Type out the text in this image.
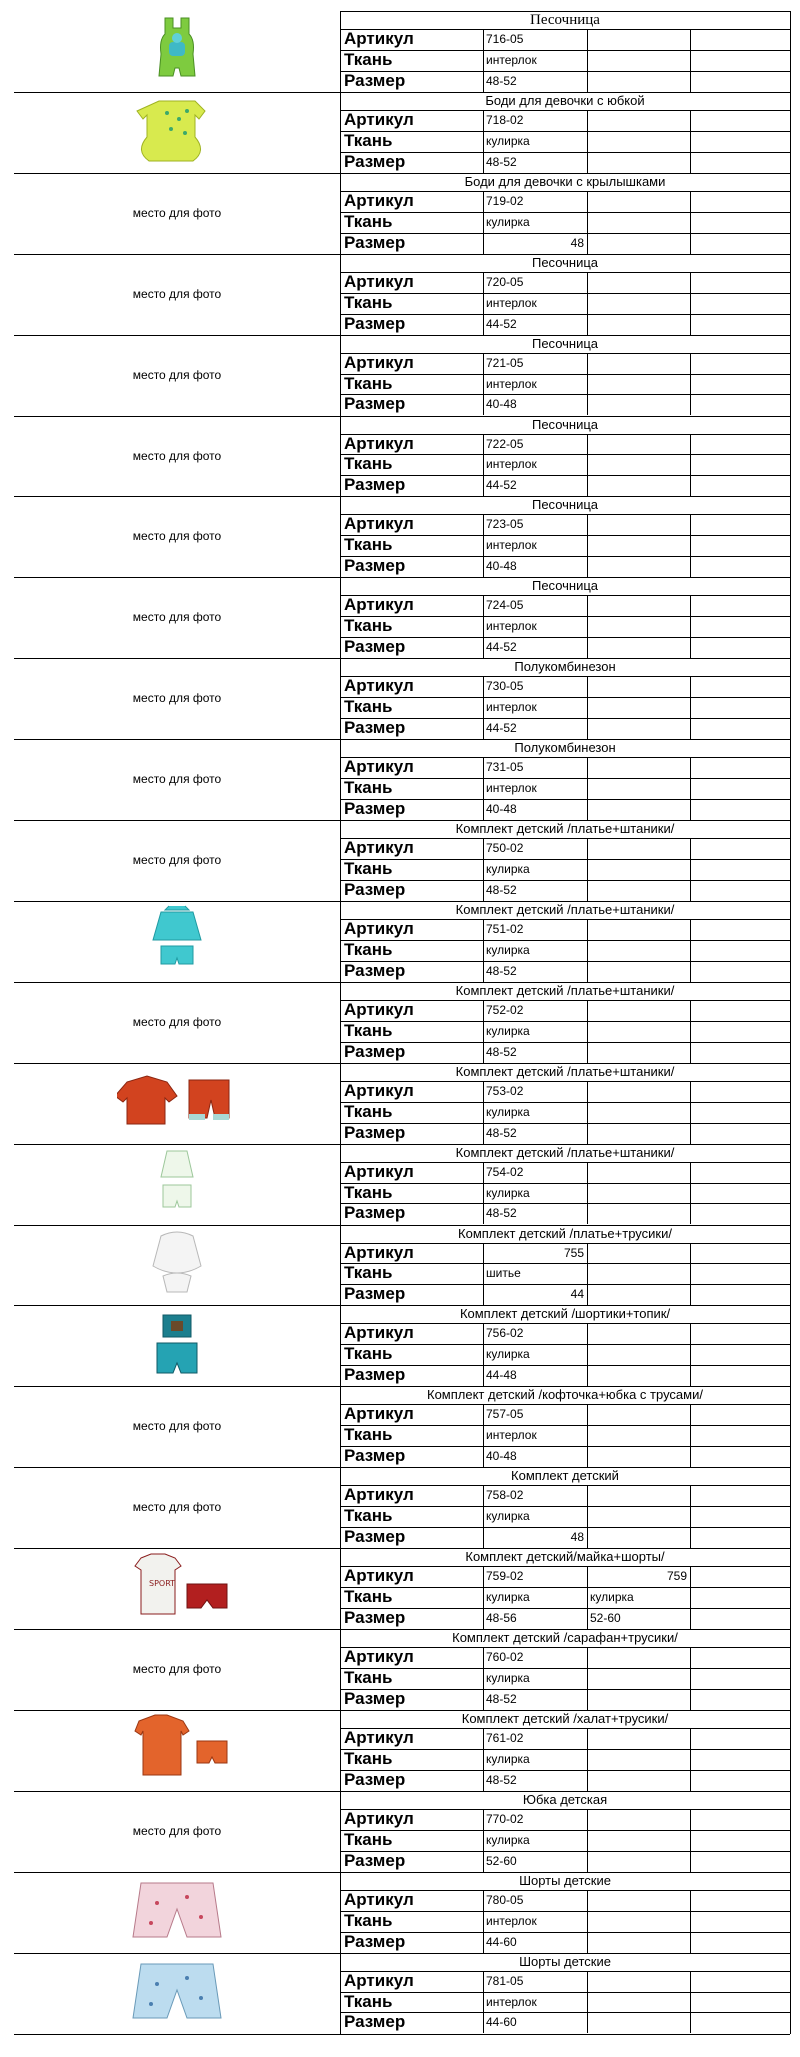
Песочница
Артикул
Ткань
Размер
716-05
интерлок
48-52
Боди для девочки с юбкой
Артикул
Ткань
Размер
718-02
кулирка
48-52
Боди для девочки с крылышками
Артикул
Ткань
Размер
719-02
кулирка
48
место для фото
Песочница
Артикул
Ткань
Размер
720-05
интерлок
44-52
место для фото
Песочница
Артикул
Ткань
Размер
721-05
интерлок
40-48
место для фото
Песочница
Артикул
Ткань
Размер
722-05
интерлок
44-52
место для фото
Песочница
Артикул
Ткань
Размер
723-05
интерлок
40-48
место для фото
Песочница
Артикул
Ткань
Размер
724-05
интерлок
44-52
место для фото
Полукомбинезон
Артикул
Ткань
Размер
730-05
интерлок
44-52
место для фото
Полукомбинезон
Артикул
Ткань
Размер
731-05
интерлок
40-48
место для фото
Комплект детский /платье+штаники/
Артикул
Ткань
Размер
750-02
кулирка
48-52
место для фото
Комплект детский /платье+штаники/
Артикул
Ткань
Размер
751-02
кулирка
48-52
Комплект детский /платье+штаники/
Артикул
Ткань
Размер
752-02
кулирка
48-52
место для фото
Комплект детский /платье+штаники/
Артикул
Ткань
Размер
753-02
кулирка
48-52
Комплект детский /платье+штаники/
Артикул
Ткань
Размер
754-02
кулирка
48-52
Комплект детский /платье+трусики/
Артикул
Ткань
Размер
755
шитье
44
Комплект детский /шортики+топик/
Артикул
Ткань
Размер
756-02
кулирка
44-48
Комплект детский /кофточка+юбка с трусами/
Артикул
Ткань
Размер
757-05
интерлок
40-48
место для фото
Комплект детский
Артикул
Ткань
Размер
758-02
кулирка
48
место для фото
Комплект детский/майка+шорты/
Артикул
Ткань
Размер
759-02
кулирка
48-56
759
кулирка
52-60
SPORT
Комплект детский /сарафан+трусики/
Артикул
Ткань
Размер
760-02
кулирка
48-52
место для фото
Комплект детский /халат+трусики/
Артикул
Ткань
Размер
761-02
кулирка
48-52
Юбка детская
Артикул
Ткань
Размер
770-02
кулирка
52-60
место для фото
Шорты детские
Артикул
Ткань
Размер
780-05
интерлок
44-60
Шорты детские
Артикул
Ткань
Размер
781-05
интерлок
44-60
